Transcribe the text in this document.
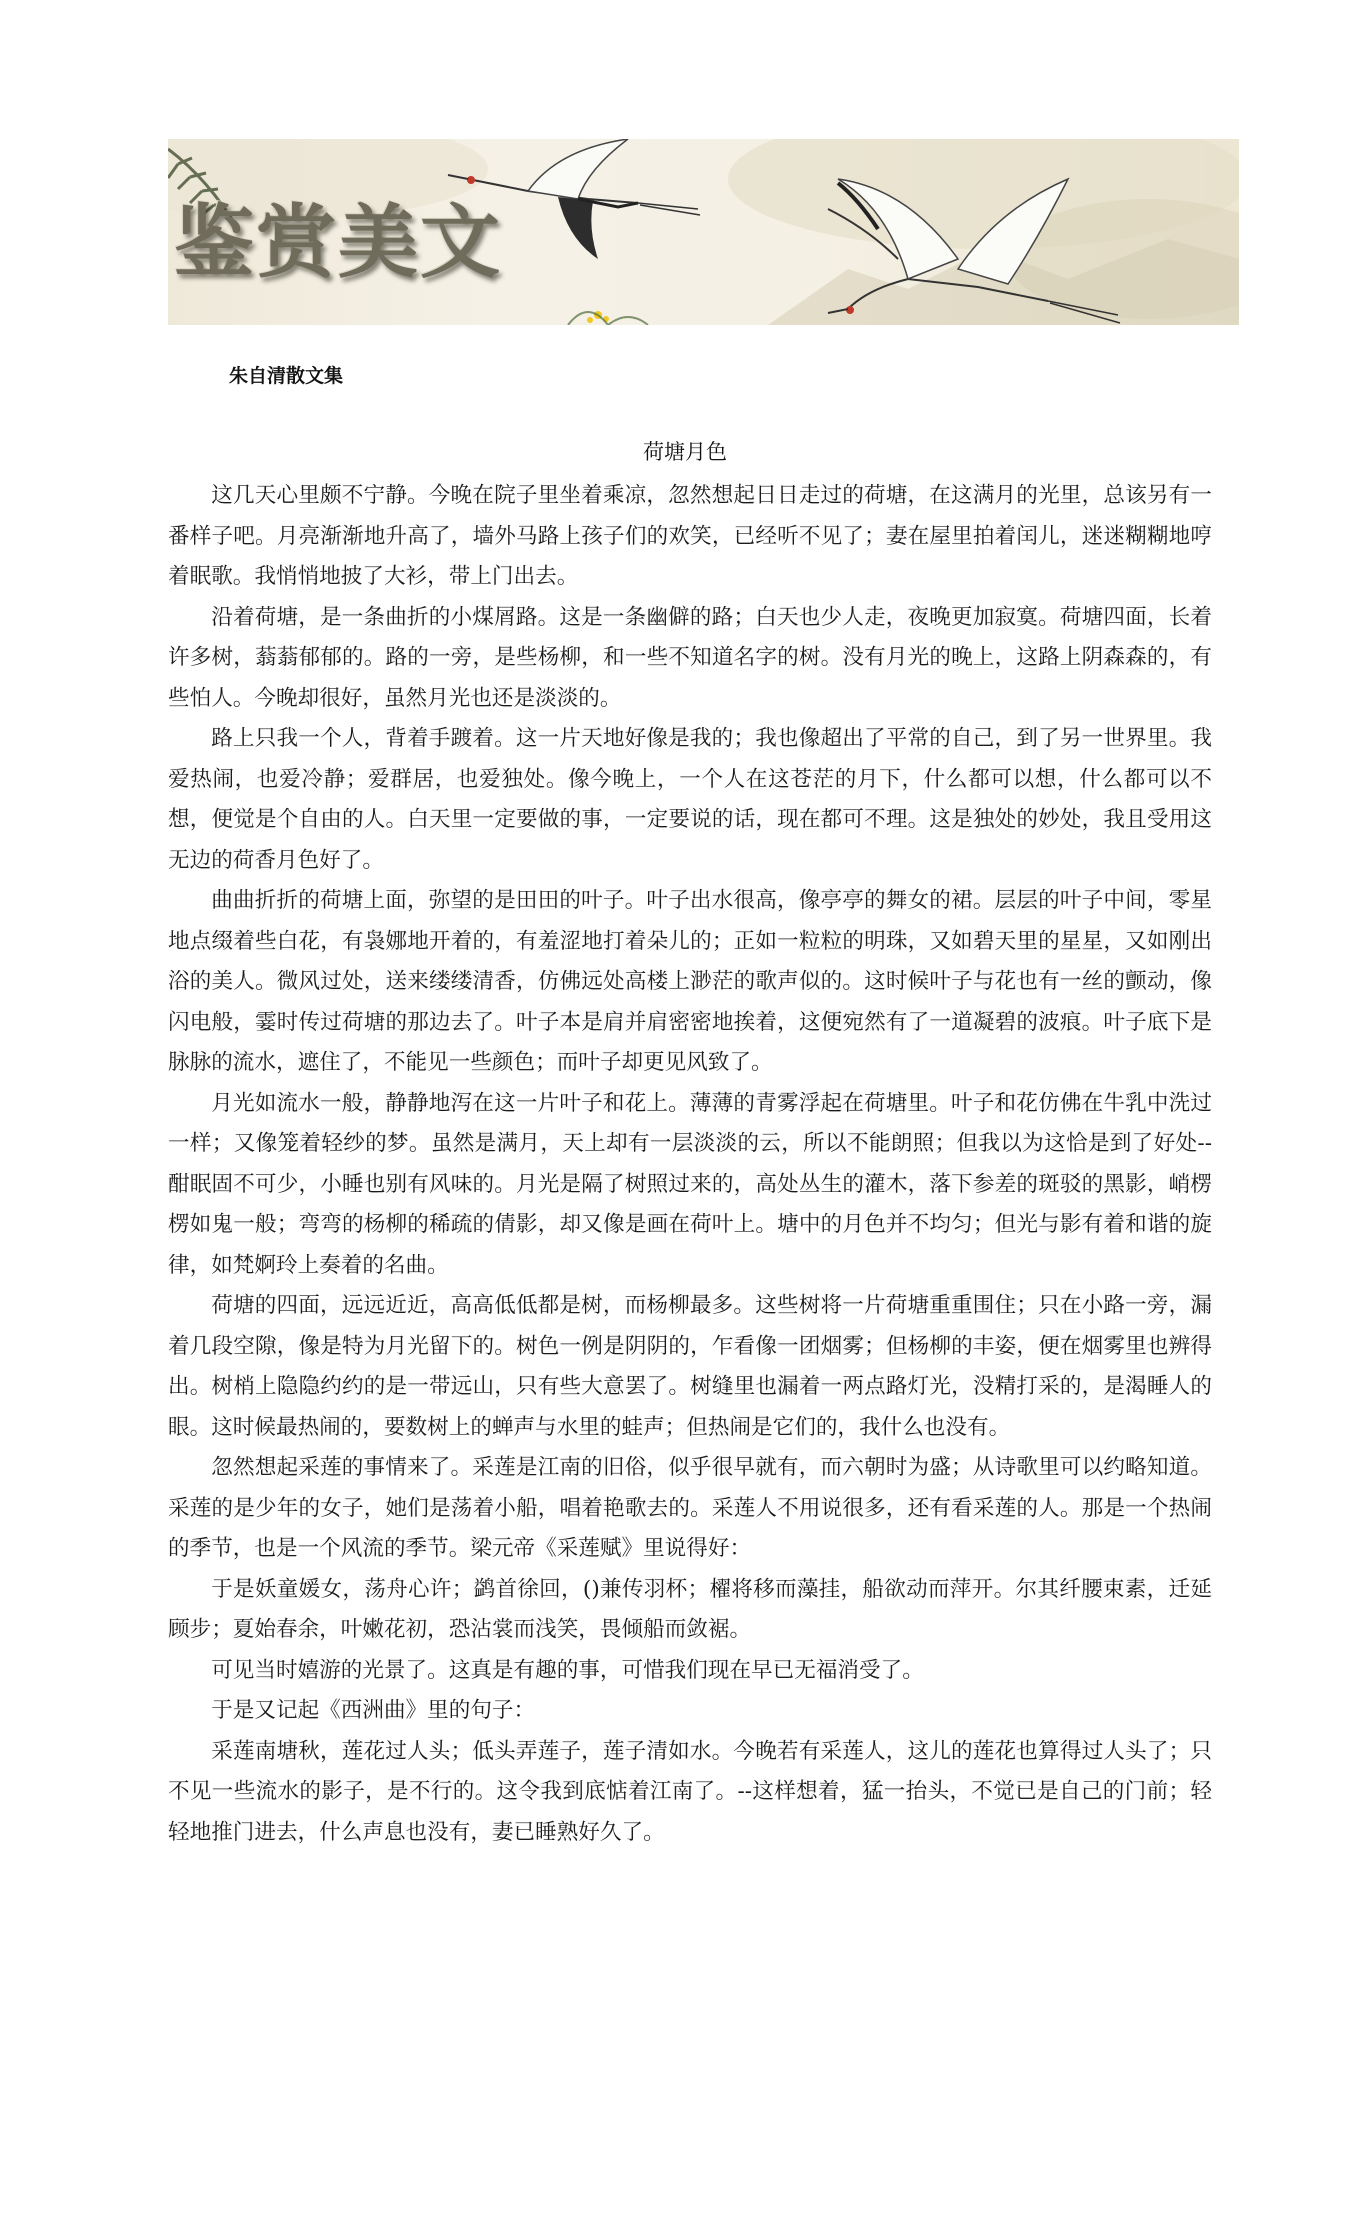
鉴赏美文
朱自清散文集
荷塘月色

这几天心里颇不宁静。今晚在院子里坐着乘凉，忽然想起日日走过的荷塘，在这满月的光里，总该另有一番样子吧。月亮渐渐地升高了，墙外马路上孩子们的欢笑，已经听不见了；妻在屋里拍着闰儿，迷迷糊糊地哼着眠歌。我悄悄地披了大衫，带上门出去。

沿着荷塘，是一条曲折的小煤屑路。这是一条幽僻的路；白天也少人走，夜晚更加寂寞。荷塘四面，长着许多树，蓊蓊郁郁的。路的一旁，是些杨柳，和一些不知道名字的树。没有月光的晚上，这路上阴森森的，有些怕人。今晚却很好，虽然月光也还是淡淡的。

路上只我一个人，背着手踱着。这一片天地好像是我的；我也像超出了平常的自己，到了另一世界里。我爱热闹，也爱冷静；爱群居，也爱独处。像今晚上，一个人在这苍茫的月下，什么都可以想，什么都可以不想，便觉是个自由的人。白天里一定要做的事，一定要说的话，现在都可不理。这是独处的妙处，我且受用这无边的荷香月色好了。

曲曲折折的荷塘上面，弥望的是田田的叶子。叶子出水很高，像亭亭的舞女的裙。层层的叶子中间，零星地点缀着些白花，有袅娜地开着的，有羞涩地打着朵儿的；正如一粒粒的明珠，又如碧天里的星星，又如刚出浴的美人。微风过处，送来缕缕清香，仿佛远处高楼上渺茫的歌声似的。这时候叶子与花也有一丝的颤动，像闪电般，霎时传过荷塘的那边去了。叶子本是肩并肩密密地挨着，这便宛然有了一道凝碧的波痕。叶子底下是脉脉的流水，遮住了，不能见一些颜色；而叶子却更见风致了。

月光如流水一般，静静地泻在这一片叶子和花上。薄薄的青雾浮起在荷塘里。叶子和花仿佛在牛乳中洗过一样；又像笼着轻纱的梦。虽然是满月，天上却有一层淡淡的云，所以不能朗照；但我以为这恰是到了好处--酣眠固不可少，小睡也别有风味的。月光是隔了树照过来的，高处丛生的灌木，落下参差的斑驳的黑影，峭楞楞如鬼一般；弯弯的杨柳的稀疏的倩影，却又像是画在荷叶上。塘中的月色并不均匀；但光与影有着和谐的旋律，如梵婀玲上奏着的名曲。

荷塘的四面，远远近近，高高低低都是树，而杨柳最多。这些树将一片荷塘重重围住；只在小路一旁，漏着几段空隙，像是特为月光留下的。树色一例是阴阴的，乍看像一团烟雾；但杨柳的丰姿，便在烟雾里也辨得出。树梢上隐隐约约的是一带远山，只有些大意罢了。树缝里也漏着一两点路灯光，没精打采的，是渴睡人的眼。这时候最热闹的，要数树上的蝉声与水里的蛙声；但热闹是它们的，我什么也没有。

忽然想起采莲的事情来了。采莲是江南的旧俗，似乎很早就有，而六朝时为盛；从诗歌里可以约略知道。采莲的是少年的女子，她们是荡着小船，唱着艳歌去的。采莲人不用说很多，还有看采莲的人。那是一个热闹的季节，也是一个风流的季节。梁元帝《采莲赋》里说得好：

于是妖童媛女，荡舟心许；鹢首徐回，()兼传羽杯；櫂将移而藻挂，船欲动而萍开。尔其纤腰束素，迁延顾步；夏始春余，叶嫩花初，恐沾裳而浅笑，畏倾船而敛裾。

可见当时嬉游的光景了。这真是有趣的事，可惜我们现在早已无福消受了。

于是又记起《西洲曲》里的句子：

采莲南塘秋，莲花过人头；低头弄莲子，莲子清如水。今晚若有采莲人，这儿的莲花也算得过人头了；只不见一些流水的影子，是不行的。这令我到底惦着江南了。--这样想着，猛一抬头，不觉已是自己的门前；轻轻地推门进去，什么声息也没有，妻已睡熟好久了。
